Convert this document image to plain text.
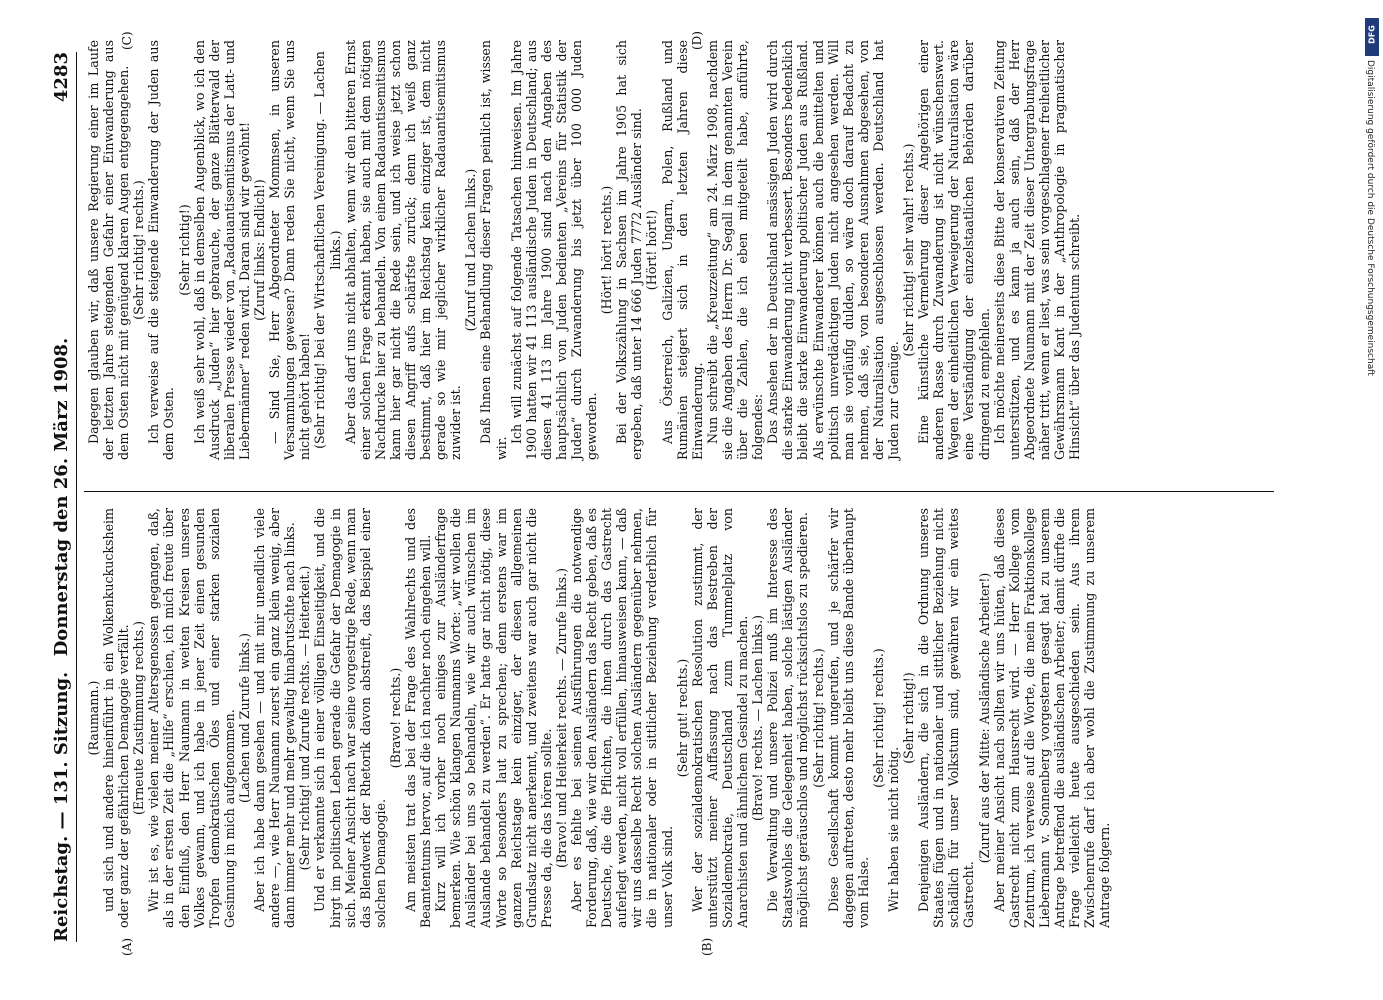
Reichstag. — 131. Sitzung.
Donnerstag den 26. März 1908.
4283
(A)	(B)
(C)	(D)

(Raumann.) und sich und andere hineinführt in ein Wolkenkuckucksheim oder ganz der gefährlichen Demagogie verfällt. (Erneute Zustimmung rechts.) Wir ist es, wie vielen meiner Altersgenossen gegangen, daß, als in der ersten Zeit die „Hilfe“ erschien, ich mich freute über den Einfluß, den Herr Naumann in weiten Kreisen unseres Volkes gewann, und ich habe in jener Zeit einen gesunden Tropfen demokratischen Öles und einer starken sozialen Gesinnung in mich aufgenommen. (Lachen und Zurufe links.) Aber ich habe dann gesehen — und mit mir unendlich viele andere —, wie Herr Naumann zuerst ein ganz klein wenig, aber dann immer mehr und mehr gewaltig hinabrutschte nach links. (Sehr richtig! und Zurufe rechts. — Heiterkeit.) Und er verkannte sich in einer völligen Einseitigkeit, und die birgt im politischen Leben gerade die Gefahr der Demagogie in sich. Meiner Ansicht nach war seine vorgestrige Rede, wenn man das Blendwerk der Rhetorik davon abstreift, das Beispiel einer solchen Demagogie.

(Bravo! rechts.) Am meisten trat das bei der Frage des Wahlrechts und des Beamtentums hervor, auf die ich nachher noch eingehen will. Kurz will ich vorher noch einiges zur Ausländerfrage bemerken. Wie schön klangen Naumanns Worte: „wir wollen die Ausländer bei uns so behandeln, wie wir auch wünschen im Auslande behandelt zu werden“. Er hatte gar nicht nötig, diese Worte so besonders laut zu sprechen; denn erstens war im ganzen Reichstage kein einziger, der diesen allgemeinen Grundsatz nicht anerkennt, und zweitens war auch gar nicht die Presse da, die das hören sollte. (Bravo! und Heiterkeit rechts. — Zurufe links.) Aber es fehlte bei seinen Ausführungen die notwendige Forderung, daß, wie wir den Ausländern das Recht geben, daß es Deutsche, die die Pflichten, die ihnen durch das Gastrecht auferlegt werden, nicht voll erfüllen, hinausweisen kann, — daß wir uns dasselbe Recht solchen Ausländern gegenüber nehmen, die in nationaler oder in sittlicher Beziehung verderblich für unser Volk sind.

(Sehr gut! rechts.) Wer der sozialdemokratischen Resolution zustimmt, der unterstützt meiner Auffassung nach das Bestreben der Sozialdemokratie, Deutschland zum Tummelplatz von Anarchisten und ähnlichem Gesindel zu machen. (Bravo! rechts. — Lachen links.) Die Verwaltung und unsere Polizei muß im Interesse des Staatswohles die Gelegenheit haben, solche lästigen Ausländer möglichst geräuschlos und möglichst rücksichtslos zu spedieren. (Sehr richtig! rechts.) Diese Gesellschaft kommt ungerufen, und je schärfer wir dagegen auftreten, desto mehr bleibt uns diese Bande überhaupt vom Halse.

(Sehr richtig! rechts.)

Wir haben sie nicht nötig.

(Sehr richtig!) Denjenigen Ausländern, die sich in die Ordnung unseres Staates fügen und in nationaler und sittlicher Beziehung nicht schädlich für unser Volkstum sind, gewähren wir ein weites Gastrecht.

(Zuruf aus der Mitte: Ausländische Arbeiter!) Aber meiner Ansicht nach sollten wir uns hüten, daß dieses Gastrecht nicht zum Hausrecht wird. — Herr Kollege vom Zentrum, ich verweise auf die Worte, die mein Fraktionskollege Liebermann v. Sonnenberg vorgestern gesagt hat zu unserem Antrage betreffend die ausländischen Arbeiter; damit dürfte die Frage vielleicht heute ausgeschieden sein. Aus ihrem Zwischenrufe darf ich aber wohl die Zustimmung zu unserem Antrage folgern.

Dagegen glauben wir, daß unsere Regierung einer im Laufe der letzten Jahre steigenden Gefahr einer Einwanderung aus dem Osten nicht mit genügend klaren Augen entgegengehen. (Sehr richtig! rechts.) Ich verweise auf die steigende Einwanderung der Juden aus dem Osten.

(Sehr richtig!) Ich weiß sehr wohl, daß in demselben Augenblick, wo ich den Ausdruck „Juden“ hier gebrauche, der ganze Blätterwald der liberalen Presse wieder von „Radauantisemitismus der Latt- und Liebermänner“ reden wird. Daran sind wir gewöhnt! (Zuruf links: Endlich!) — Sind Sie, Herr Abgeordneter Mommsen, in unseren Versammlungen gewesen? Dann reden Sie nicht, wenn Sie uns nicht gehört haben! (Sehr richtig! bei der Wirtschaftlichen Vereinigung. — Lachen links.) Aber das darf uns nicht abhalten, wenn wir den bitteren Ernst einer solchen Frage erkannt haben, sie auch mit dem nötigen Nachdrucke hier zu behandeln. Von einem Radauantisemitismus kann hier gar nicht die Rede sein, und ich weise jetzt schon diesen Angriff aufs schärfste zurück; denn ich weiß ganz bestimmt, daß hier im Reichstag kein einziger ist, dem nicht gerade so wie mir jeglicher wirklicher Radauantisemitismus zuwider ist.

(Zuruf und Lachen links.) Daß Ihnen eine Behandlung dieser Fragen peinlich ist, wissen wir.

Ich will zunächst auf folgende Tatsachen hinweisen. Im Jahre 1900 hatten wir 41 113 ausländische Juden in Deutschland; aus diesen 41 113 im Jahre 1900 sind nach den Angaben des hauptsächlich von Juden bedienten „Vereins für Statistik der Juden“ durch Zuwanderung bis jetzt über 100 000 Juden geworden.

(Hört! hört! rechts.) Bei der Volkszählung in Sachsen im Jahre 1905 hat sich ergeben, daß unter 14 666 Juden 7772 Ausländer sind. (Hört! hört!) Aus Österreich, Galizien, Ungarn, Polen, Rußland und Rumänien steigert sich in den letzten Jahren diese Einwanderung. Nun schreibt die „Kreuzzeitung“ am 24. März 1908, nachdem sie die Angaben des Herrn Dr. Segall in dem genannten Verein über die Zahlen, die ich eben mitgeteilt habe, anführte, folgendes: Das Ansehen der in Deutschland ansässigen Juden wird durch die starke Einwanderung nicht verbessert. Besonders bedenklich bleibt die starke Einwanderung politischer Juden aus Rußland. Als erwünschte Einwanderer können auch die bemittelten und politisch unverdächtigen Juden nicht angesehen werden. Will man sie vorläufig dulden, so wäre doch darauf Bedacht zu nehmen, daß sie, von besonderen Ausnahmen abgesehen, von der Naturalisation ausgeschlossen werden. Deutschland hat Juden zur Genüge.

(Sehr richtig! sehr wahr! rechts.) Eine künstliche Vermehrung dieser Angehörigen einer anderen Rasse durch Zuwanderung ist nicht wünschenswert. Wegen der einheitlichen Verweigerung der Naturalisation wäre eine Verständigung der einzelstaatlichen Behörden darüber dringend zu empfehlen. Ich möchte meinerseits diese Bitte der konservativen Zeitung unterstützen, und es kann ja auch sein, daß der Herr Abgeordnete Naumann mit der Zeit dieser Untergrabungsfrage näher tritt, wenn er liest, was sein vorgeschlagener freiheitlicher Gewährsmann Kant in der „Anthropologie in pragmatischer Hinsicht“ über das Judentum schreibt.

DFG
Digitalisierung gefördert durch die Deutsche Forschungsgemeinschaft
